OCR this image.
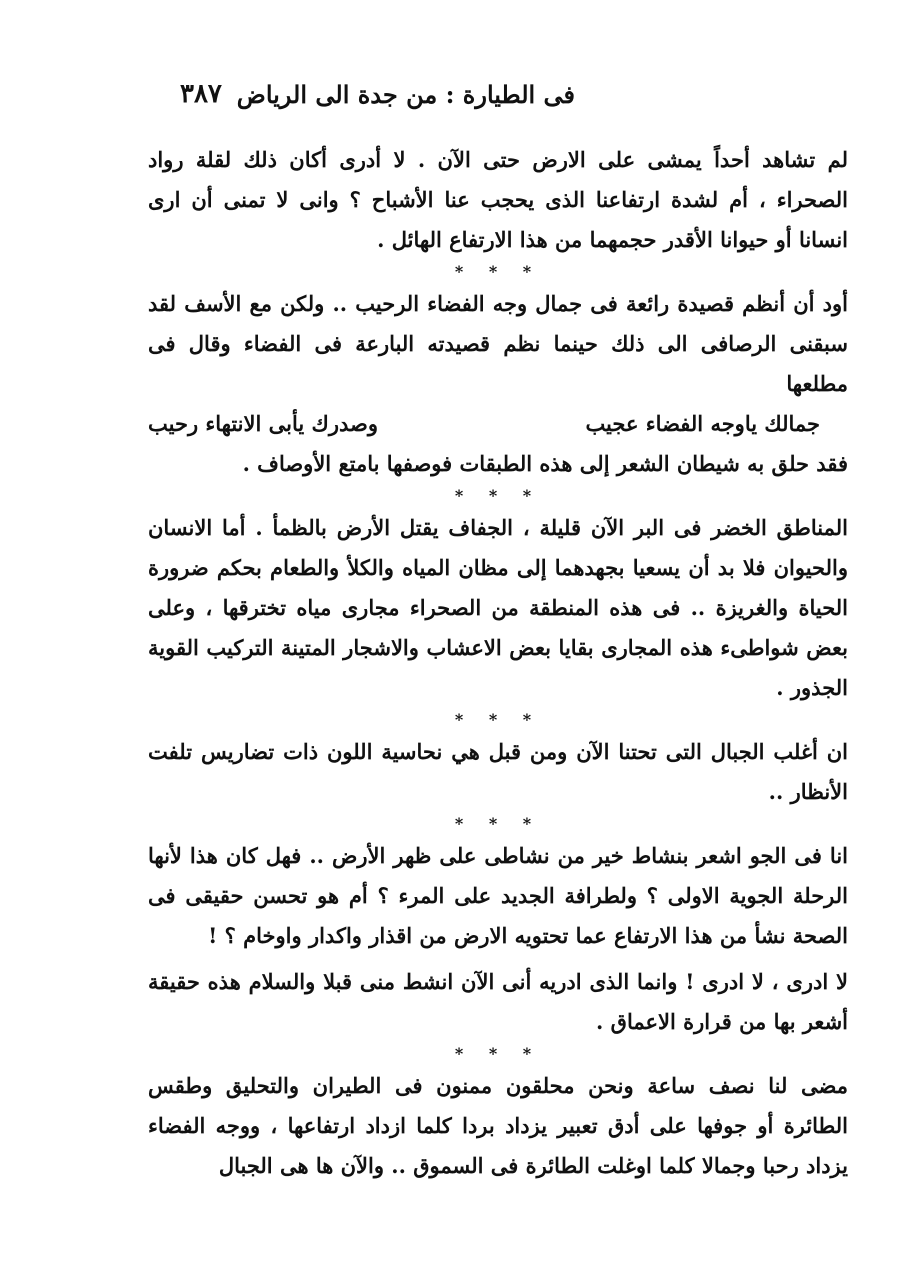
فى الطيارة : من جدة الى الرياض
٣٨٧

لم تشاهد أحداً يمشى على الارض حتى الآن . لا أدرى أكان ذلك لقلة رواد الصحراء ، أم لشدة ارتفاعنا الذى يحجب عنا الأشباح ؟ وانى لا تمنى أن ارى انسانا أو حيوانا الأقدر حجمهما من هذا الارتفاع الهائل .

* * *

أود أن أنظم قصيدة رائعة فى جمال وجه الفضاء الرحيب .. ولكن مع الأسف لقد سبقنى الرصافى الى ذلك حينما نظم قصيدته البارعة فى الفضاء وقال فى مطلعها

جمالك ياوجه الفضاء عجيب
وصدرك يأبى الانتهاء رحيب

فقد حلق به شيطان الشعر إلى هذه الطبقات فوصفها بامتع الأوصاف .

* * *

المناطق الخضر فى البر الآن قليلة ، الجفاف يقتل الأرض بالظمأ . أما الانسان والحيوان فلا بد أن يسعيا بجهدهما إلى مظان المياه والكلأ والطعام بحكم ضرورة الحياة والغريزة .. فى هذه المنطقة من الصحراء مجارى مياه تخترقها ، وعلى بعض شواطىء هذه المجارى بقايا بعض الاعشاب والاشجار المتينة التركيب القوية الجذور .

* * *

ان أغلب الجبال التى تحتنا الآن ومن قبل هي نحاسية اللون ذات تضاريس تلفت الأنظار ..

* * *

انا فى الجو اشعر بنشاط خير من نشاطى على ظهر الأرض .. فهل كان هذا لأنها الرحلة الجوية الاولى ؟ ولطرافة الجديد على المرء ؟ أم هو تحسن حقيقى فى الصحة نشأ من هذا الارتفاع عما تحتويه الارض من اقذار واكدار واوخام ؟ !

لا ادرى ، لا ادرى ! وانما الذى ادريه أنى الآن انشط منى قبلا والسلام هذه حقيقة أشعر بها من قرارة الاعماق .

* * *

مضى لنا نصف ساعة ونحن محلقون ممنون فى الطيران والتحليق وطقس الطائرة أو جوفها على أدق تعبير يزداد بردا كلما ازداد ارتفاعها ، ووجه الفضاء يزداد رحبا وجمالا كلما اوغلت الطائرة فى السموق .. والآن ها هى الجبال
